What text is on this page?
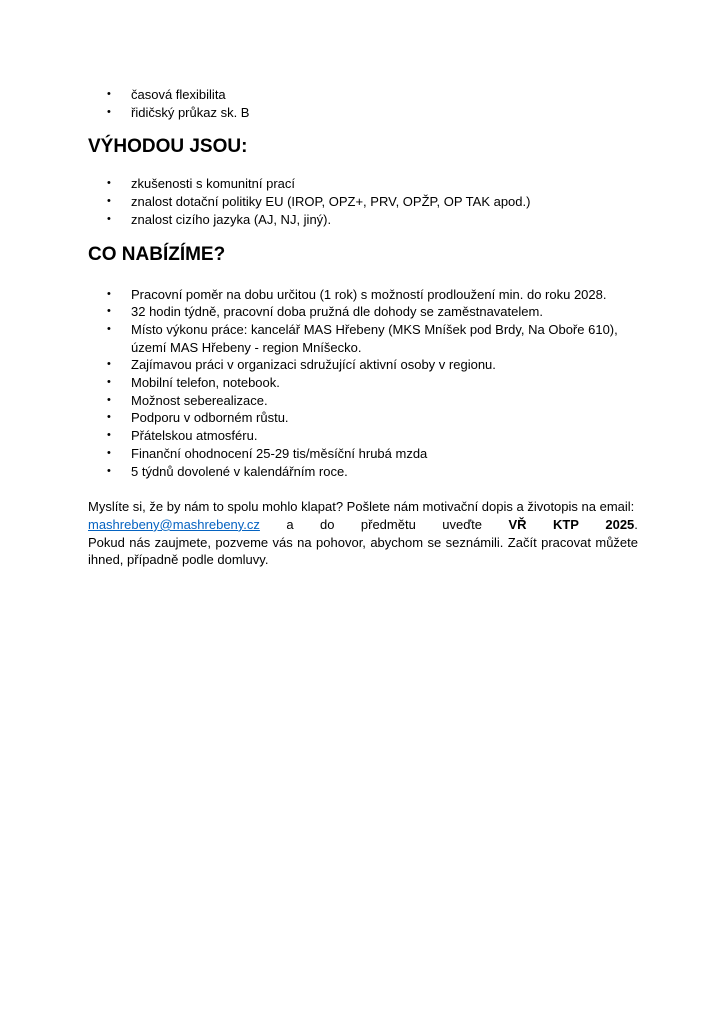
• časová flexibilita
• řidičský průkaz sk. B
VÝHODOU JSOU:
• zkušenosti s komunitní prací
• znalost dotační politiky EU (IROP, OPZ+, PRV, OPŽP, OP TAK apod.)
• znalost cizího jazyka (AJ, NJ, jiný).
CO NABÍZÍME?
• Pracovní poměr na dobu určitou (1 rok) s možností prodloužení min. do roku 2028.
• 32 hodin týdně, pracovní doba pružná dle dohody se zaměstnavatelem.
• Místo výkonu práce: kancelář MAS Hřebeny (MKS Mníšek pod Brdy, Na Oboře 610), území MAS Hřebeny - region Mníšecko.
• Zajímavou práci v organizaci sdružující aktivní osoby v regionu.
• Mobilní telefon, notebook.
• Možnost seberealizace.
• Podporu v odborném růstu.
• Přátelskou atmosféru.
• Finanční ohodnocení 25-29 tis/měsíční hrubá mzda
• 5 týdnů dovolené v kalendářním roce.
Myslíte si, že by nám to spolu mohlo klapat? Pošlete nám motivační dopis a životopis na email:
mashrebeny@mashrebeny.cz a do předmětu uveďte VŘ KTP 2025.
Pokud nás zaujmete, pozveme vás na pohovor, abychom se seznámili. Začít pracovat můžete ihned, případně podle domluvy.
